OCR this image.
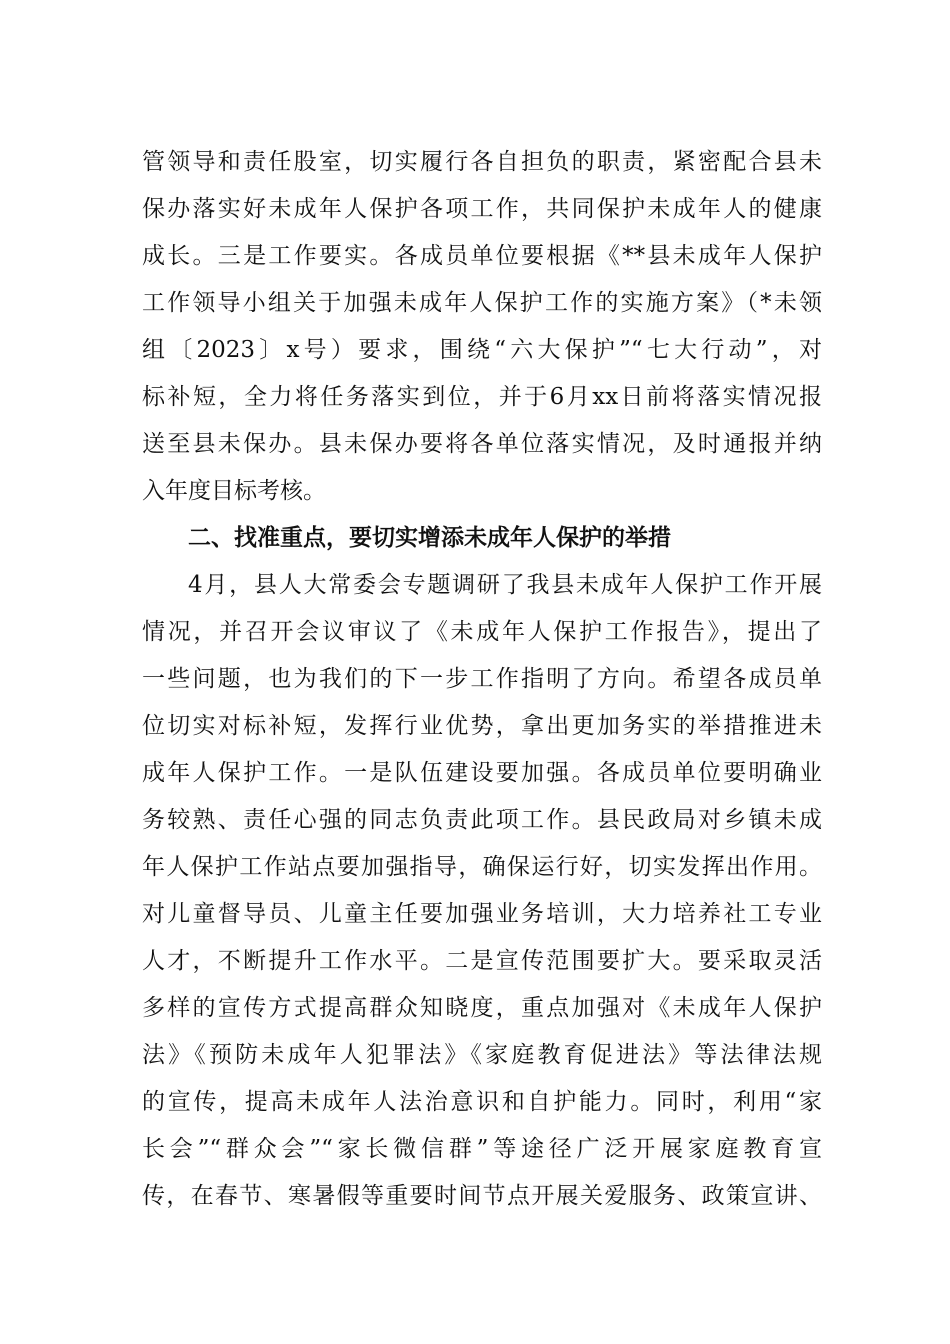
管领导和责任股室，切实履行各自担负的职责，紧密配合县未
保办落实好未成年人保护各项工作，共同保护未成年人的健康
成长。三是工作要实。各成员单位要根据《**县未成年人保护
工作领导小组关于加强未成年人保护工作的实施方案》（*未领
组〔2023〕x号）要求，围绕“六大保护”“七大行动”，对
标补短，全力将任务落实到位，并于6月xx日前将落实情况报
送至县未保办。县未保办要将各单位落实情况，及时通报并纳
入年度目标考核。
二、找准重点，要切实增添未成年人保护的举措
4月，县人大常委会专题调研了我县未成年人保护工作开展
情况，并召开会议审议了《未成年人保护工作报告》，提出了
一些问题，也为我们的下一步工作指明了方向。希望各成员单
位切实对标补短，发挥行业优势，拿出更加务实的举措推进未
成年人保护工作。一是队伍建设要加强。各成员单位要明确业
务较熟、责任心强的同志负责此项工作。县民政局对乡镇未成
年人保护工作站点要加强指导，确保运行好，切实发挥出作用。
对儿童督导员、儿童主任要加强业务培训，大力培养社工专业
人才，不断提升工作水平。二是宣传范围要扩大。要采取灵活
多样的宣传方式提高群众知晓度，重点加强对《未成年人保护
法》《预防未成年人犯罪法》《家庭教育促进法》等法律法规
的宣传，提高未成年人法治意识和自护能力。同时，利用“家
长会”“群众会”“家长微信群”等途径广泛开展家庭教育宣
传，在春节、寒暑假等重要时间节点开展关爱服务、政策宣讲、
